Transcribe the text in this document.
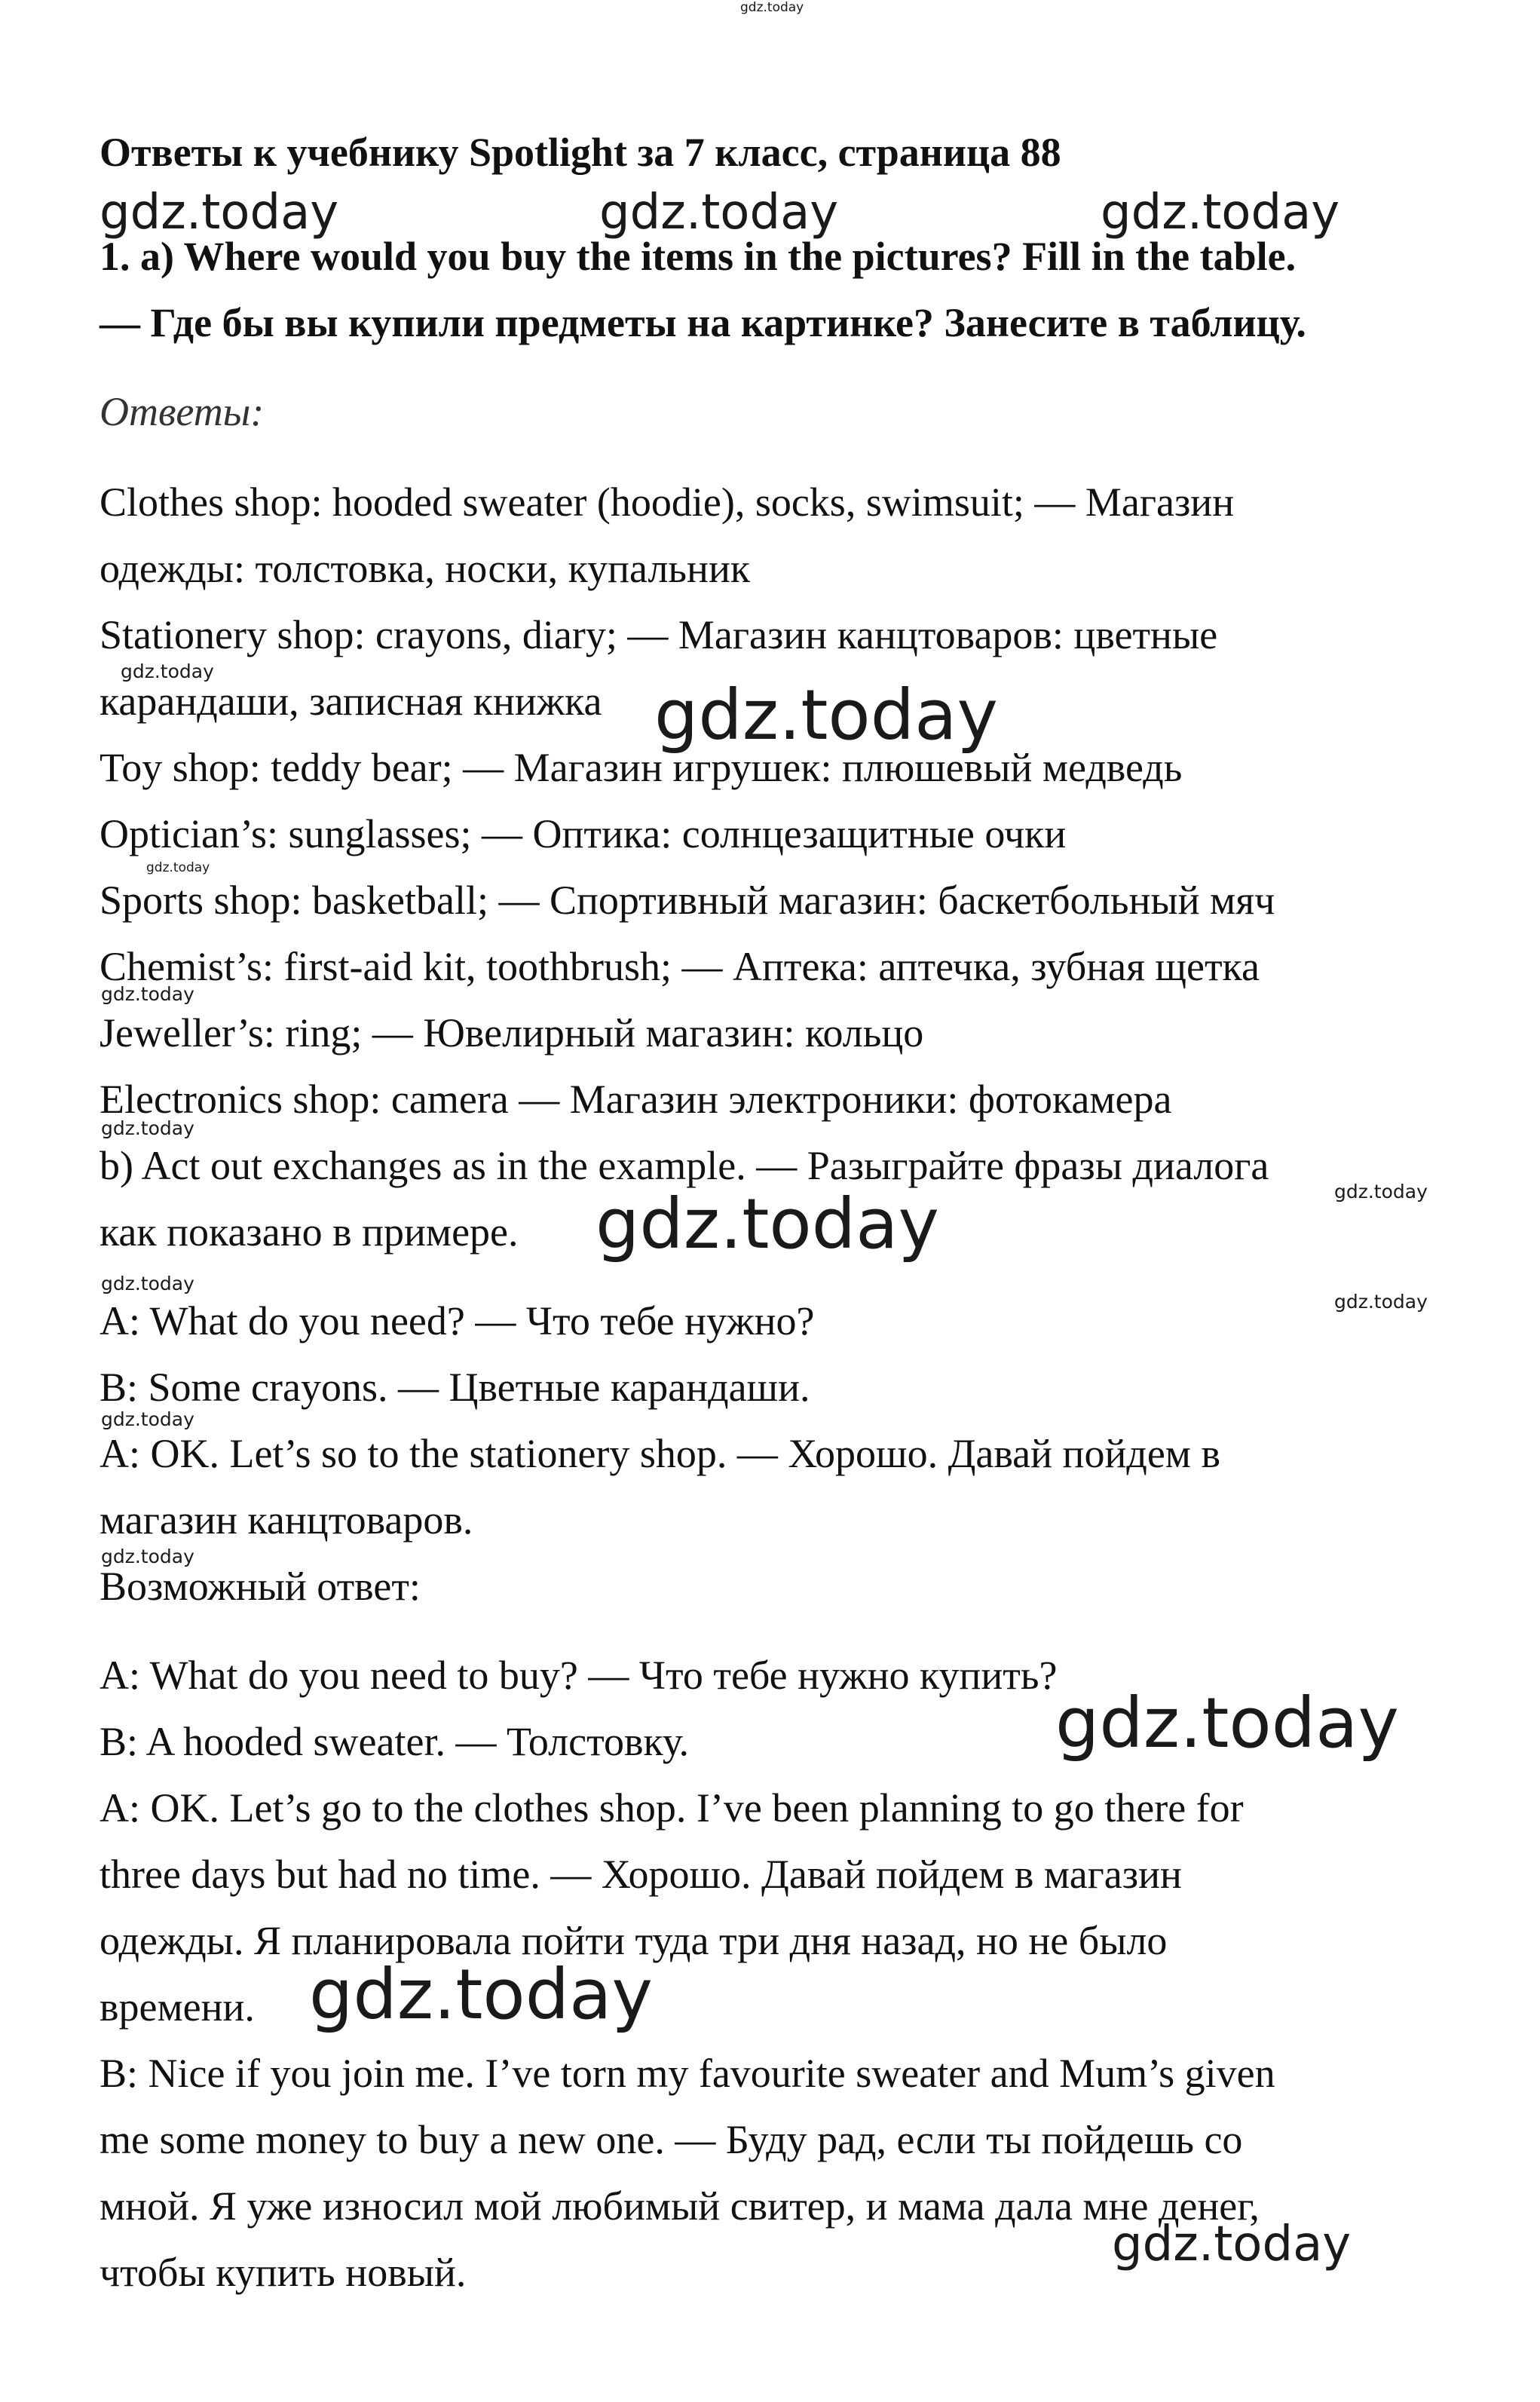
Ответы к учебнику Spotlight за 7 класс, страница 88
1. a) Where would you buy the items in the pictures? Fill in the table.
— Где бы вы купили предметы на картинке? Занесите в таблицу.
Ответы:
Clothes shop: hooded sweater (hoodie), socks, swimsuit; — Магазин
одежды: толстовка, носки, купальник
Stationery shop: crayons, diary; — Магазин канцтоваров: цветные
карандаши, записная книжка
Toy shop: teddy bear; — Магазин игрушек: плюшевый медведь
Optician’s: sunglasses; — Оптика: солнцезащитные очки
Sports shop: basketball; — Спортивный магазин: баскетбольный мяч
Chemist’s: first-aid kit, toothbrush; — Аптека: аптечка, зубная щетка
Jeweller’s: ring; — Ювелирный магазин: кольцо
Electronics shop: camera — Магазин электроники: фотокамера
b) Act out exchanges as in the example. — Разыграйте фразы диалога
как показано в примере.
A: What do you need? — Что тебе нужно?
B: Some crayons. — Цветные карандаши.
A: OK. Let’s so to the stationery shop. — Хорошо. Давай пойдем в
магазин канцтоваров.
Возможный ответ:
A: What do you need to buy? — Что тебе нужно купить?
B: A hooded sweater. — Толстовку.
A: OK. Let’s go to the clothes shop. I’ve been planning to go there for
three days but had no time. — Хорошо. Давай пойдем в магазин
одежды. Я планировала пойти туда три дня назад, но не было
времени.
B: Nice if you join me. I’ve torn my favourite sweater and Mum’s given
me some money to buy a new one. — Буду рад, если ты пойдешь со
мной. Я уже износил мой любимый свитер, и мама дала мне денег,
чтобы купить новый.
gdz.today
gdz.today	gdz.today	gdz.today
gdz.today
gdz.today
gdz.today
gdz.today
gdz.today
gdz.today
gdz.today
gdz.today
gdz.today
gdz.today
gdz.today
gdz.today
gdz.today
gdz.today
